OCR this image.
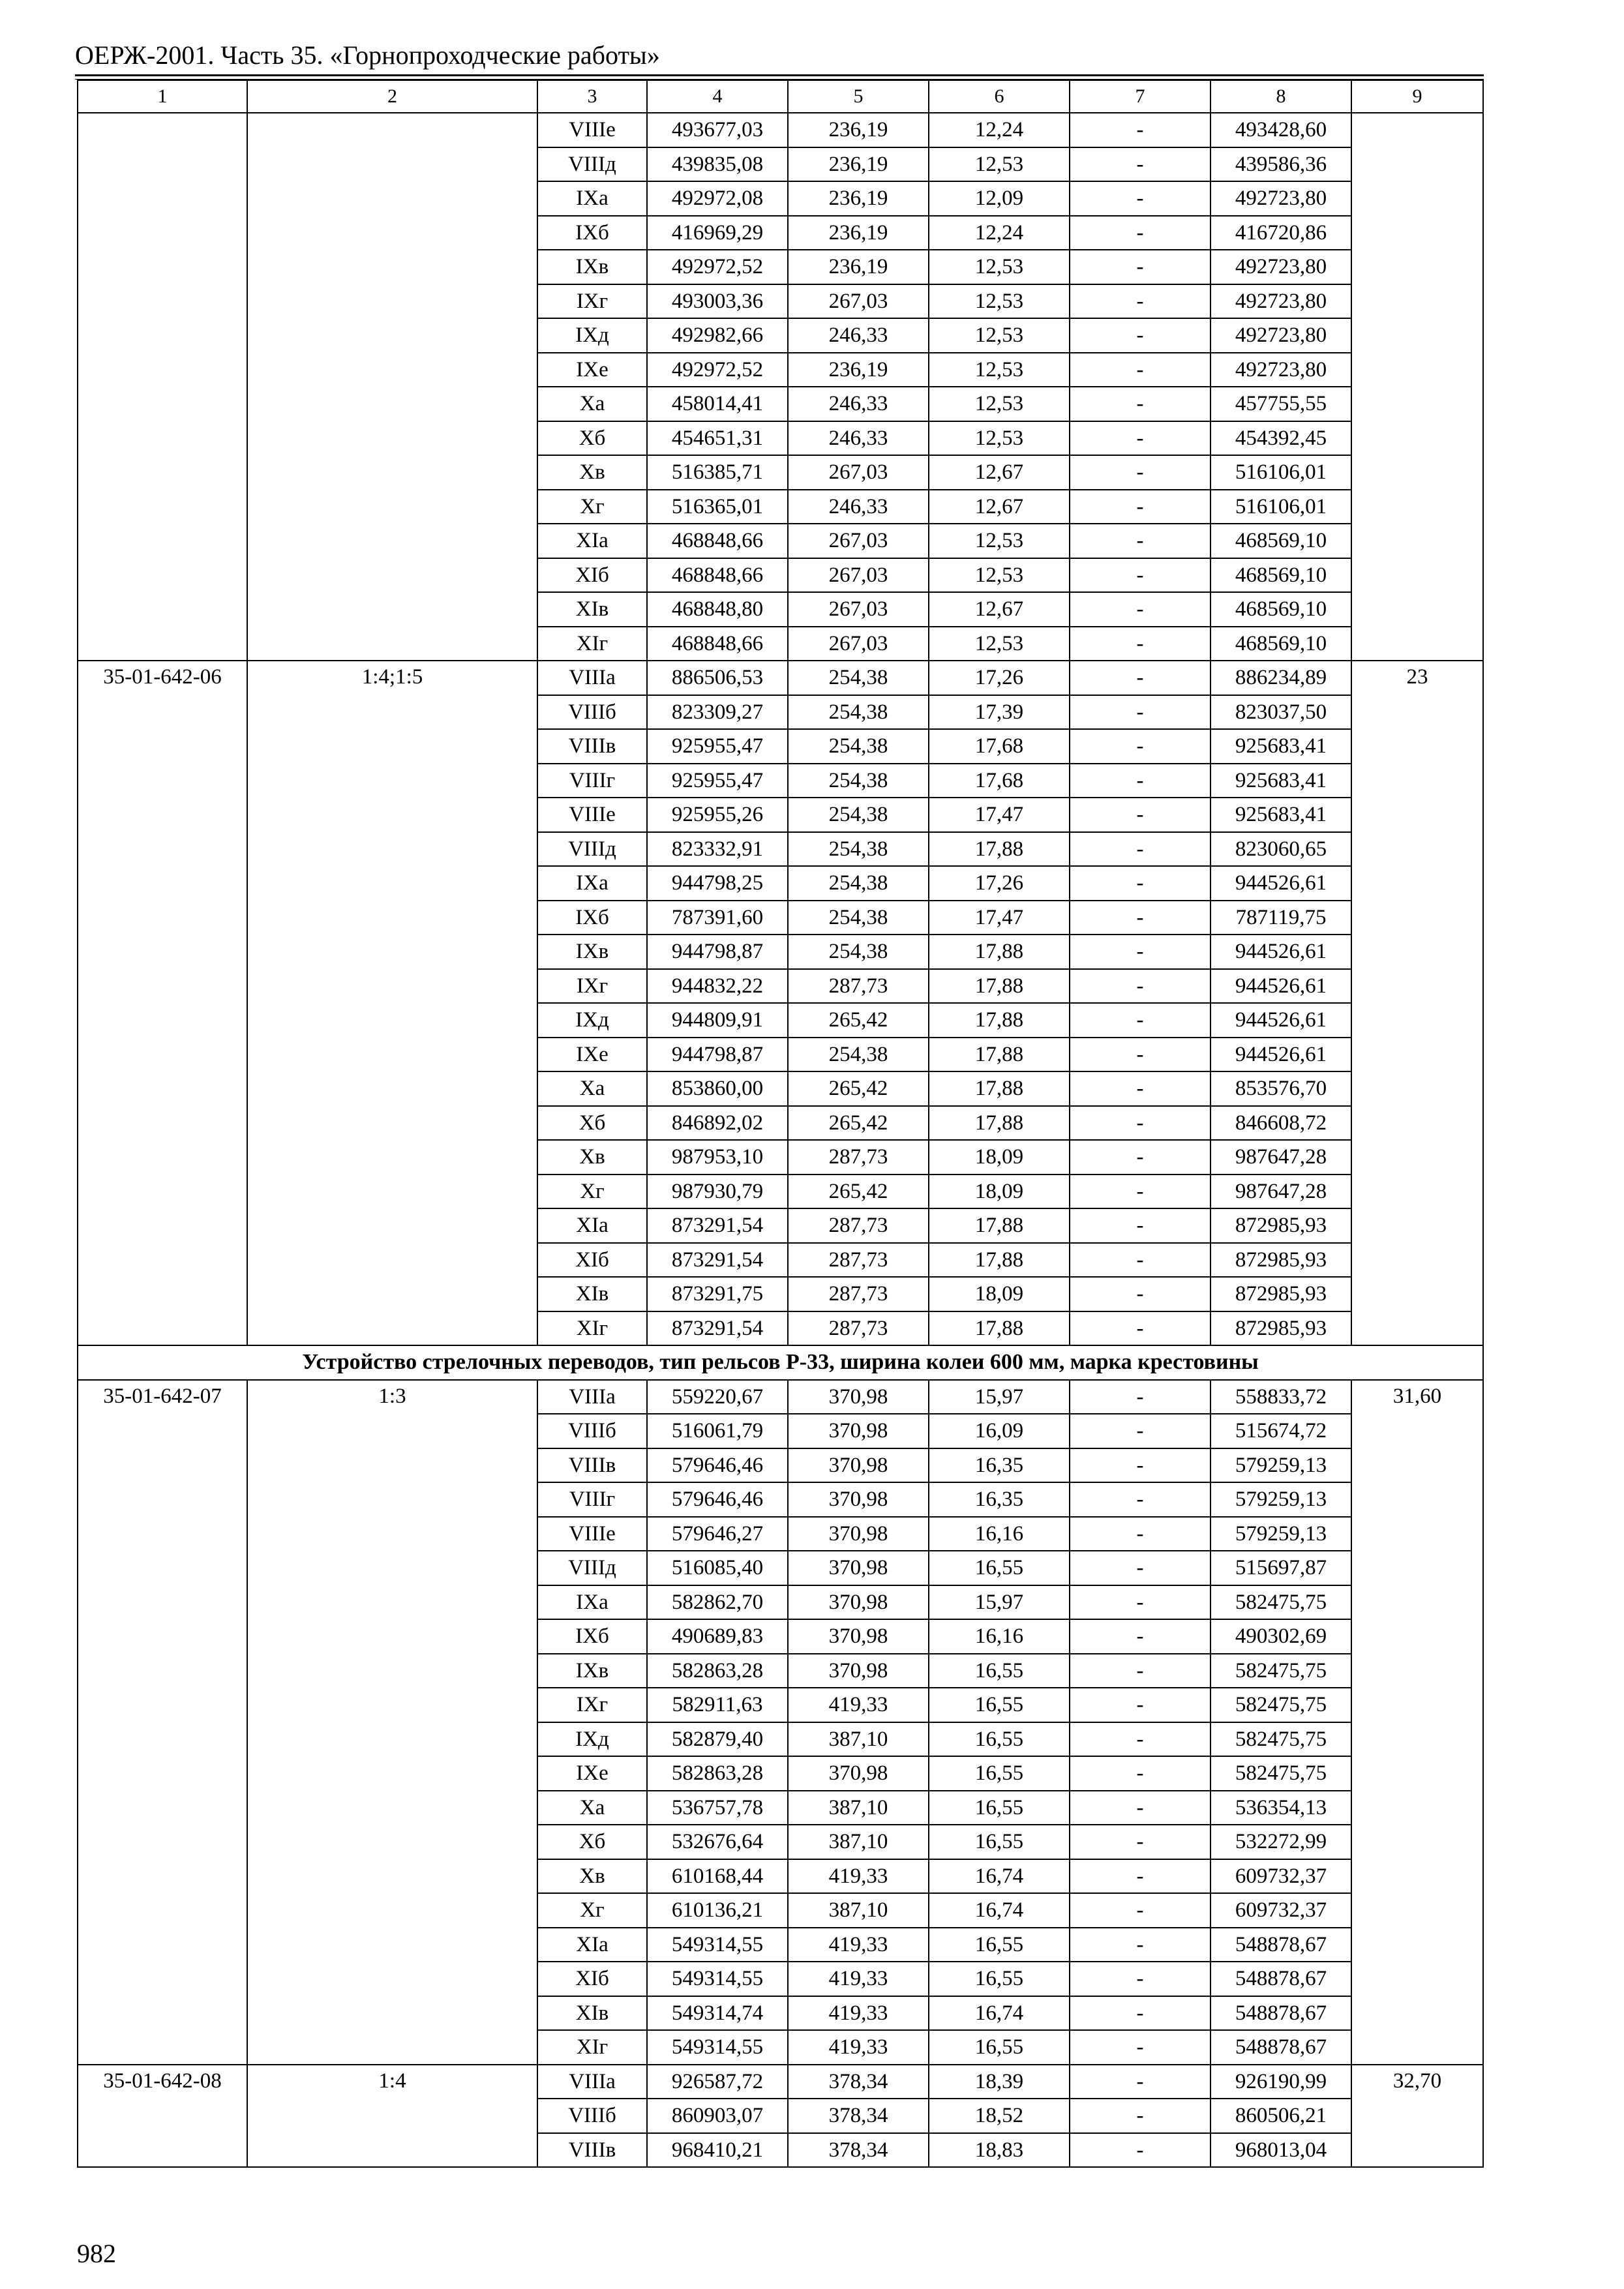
ОЕРЖ-2001. Часть 35. «Горнопроходческие работы»
1	2	3	4	5	6	7	8	9
		VIIIе	493677,03	236,19	12,24	-	493428,60	
		VIIIд	439835,08	236,19	12,53	-	439586,36	
		IXа	492972,08	236,19	12,09	-	492723,80	
		IXб	416969,29	236,19	12,24	-	416720,86	
		IXв	492972,52	236,19	12,53	-	492723,80	
		IXг	493003,36	267,03	12,53	-	492723,80	
		IXд	492982,66	246,33	12,53	-	492723,80	
		IXе	492972,52	236,19	12,53	-	492723,80	
		Xа	458014,41	246,33	12,53	-	457755,55	
		Xб	454651,31	246,33	12,53	-	454392,45	
		Xв	516385,71	267,03	12,67	-	516106,01	
		Xг	516365,01	246,33	12,67	-	516106,01	
		XIа	468848,66	267,03	12,53	-	468569,10	
		XIб	468848,66	267,03	12,53	-	468569,10	
		XIв	468848,80	267,03	12,67	-	468569,10	
		XIг	468848,66	267,03	12,53	-	468569,10	
35-01-642-06	1:4;1:5	VIIIа	886506,53	254,38	17,26	-	886234,89	23
		VIIIб	823309,27	254,38	17,39	-	823037,50	
		VIIIв	925955,47	254,38	17,68	-	925683,41	
		VIIIг	925955,47	254,38	17,68	-	925683,41	
		VIIIе	925955,26	254,38	17,47	-	925683,41	
		VIIIд	823332,91	254,38	17,88	-	823060,65	
		IXа	944798,25	254,38	17,26	-	944526,61	
		IXб	787391,60	254,38	17,47	-	787119,75	
		IXв	944798,87	254,38	17,88	-	944526,61	
		IXг	944832,22	287,73	17,88	-	944526,61	
		IXд	944809,91	265,42	17,88	-	944526,61	
		IXе	944798,87	254,38	17,88	-	944526,61	
		Xа	853860,00	265,42	17,88	-	853576,70	
		Xб	846892,02	265,42	17,88	-	846608,72	
		Xв	987953,10	287,73	18,09	-	987647,28	
		Xг	987930,79	265,42	18,09	-	987647,28	
		XIа	873291,54	287,73	17,88	-	872985,93	
		XIб	873291,54	287,73	17,88	-	872985,93	
		XIв	873291,75	287,73	18,09	-	872985,93	
		XIг	873291,54	287,73	17,88	-	872985,93	
Устройство стрелочных переводов, тип рельсов Р-33, ширина колеи 600 мм, марка крестовины								
35-01-642-07	1:3	VIIIа	559220,67	370,98	15,97	-	558833,72	31,60
		VIIIб	516061,79	370,98	16,09	-	515674,72	
		VIIIв	579646,46	370,98	16,35	-	579259,13	
		VIIIг	579646,46	370,98	16,35	-	579259,13	
		VIIIе	579646,27	370,98	16,16	-	579259,13	
		VIIIд	516085,40	370,98	16,55	-	515697,87	
		IXа	582862,70	370,98	15,97	-	582475,75	
		IXб	490689,83	370,98	16,16	-	490302,69	
		IXв	582863,28	370,98	16,55	-	582475,75	
		IXг	582911,63	419,33	16,55	-	582475,75	
		IXд	582879,40	387,10	16,55	-	582475,75	
		IXе	582863,28	370,98	16,55	-	582475,75	
		Xа	536757,78	387,10	16,55	-	536354,13	
		Xб	532676,64	387,10	16,55	-	532272,99	
		Xв	610168,44	419,33	16,74	-	609732,37	
		Xг	610136,21	387,10	16,74	-	609732,37	
		XIа	549314,55	419,33	16,55	-	548878,67	
		XIб	549314,55	419,33	16,55	-	548878,67	
		XIв	549314,74	419,33	16,74	-	548878,67	
		XIг	549314,55	419,33	16,55	-	548878,67	
35-01-642-08	1:4	VIIIа	926587,72	378,34	18,39	-	926190,99	32,70
		VIIIб	860903,07	378,34	18,52	-	860506,21	
		VIIIв	968410,21	378,34	18,83	-	968013,04	
982
